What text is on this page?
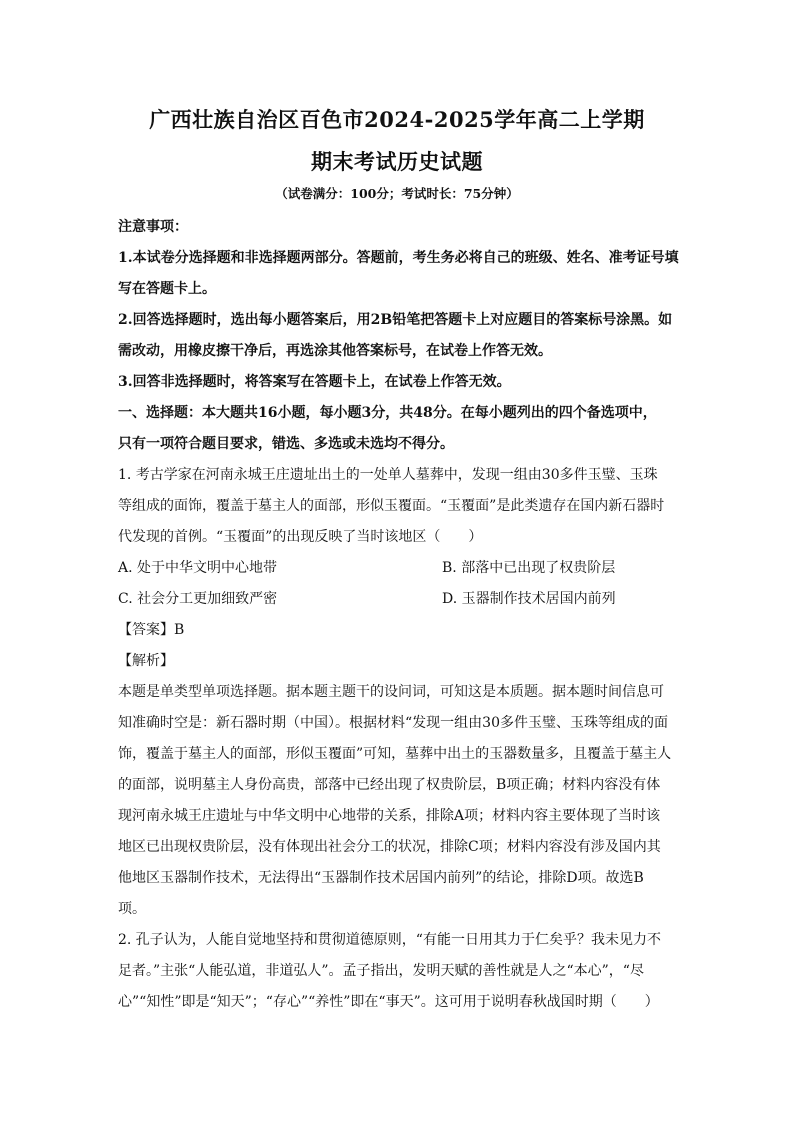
广西壮族自治区百色市2024-2025学年高二上学期
期末考试历史试题
（试卷满分：100分；考试时长：75分钟）
注意事项：
1.本试卷分选择题和非选择题两部分。答题前，考生务必将自己的班级、姓名、准考证号填
写在答题卡上。
2.回答选择题时，选出每小题答案后，用2B铅笔把答题卡上对应题目的答案标号涂黑。如
需改动，用橡皮擦干净后，再选涂其他答案标号，在试卷上作答无效。
3.回答非选择题时，将答案写在答题卡上，在试卷上作答无效。
一、选择题：本大题共16小题，每小题3分，共48分。在每小题列出的四个备选项中，
只有一项符合题目要求，错选、多选或未选均不得分。
1. 考古学家在河南永城王庄遗址出土的一处单人墓葬中，发现一组由30多件玉璧、玉珠
等组成的面饰，覆盖于墓主人的面部，形似玉覆面。“玉覆面”是此类遗存在国内新石器时
代发现的首例。“玉覆面”的出现反映了当时该地区（　　）
A. 处于中华文明中心地带	B. 部落中已出现了权贵阶层
C. 社会分工更加细致严密	D. 玉器制作技术居国内前列
【答案】B
【解析】
本题是单类型单项选择题。据本题主题干的设问词，可知这是本质题。据本题时间信息可
知准确时空是：新石器时期（中国）。根据材料“发现一组由30多件玉璧、玉珠等组成的面
饰，覆盖于墓主人的面部，形似玉覆面”可知，墓葬中出土的玉器数量多，且覆盖于墓主人
的面部，说明墓主人身份高贵，部落中已经出现了权贵阶层，B项正确；材料内容没有体
现河南永城王庄遗址与中华文明中心地带的关系，排除A项；材料内容主要体现了当时该
地区已出现权贵阶层，没有体现出社会分工的状况，排除C项；材料内容没有涉及国内其
他地区玉器制作技术，无法得出“玉器制作技术居国内前列”的结论，排除D项。故选B
项。
2. 孔子认为，人能自觉地坚持和贯彻道德原则，“有能一日用其力于仁矣乎？我未见力不
足者。”主张“人能弘道，非道弘人”。孟子指出，发明天赋的善性就是人之“本心”，“尽
心”“知性”即是“知天”；“存心”“养性”即在“事天”。这可用于说明春秋战国时期（　　）
